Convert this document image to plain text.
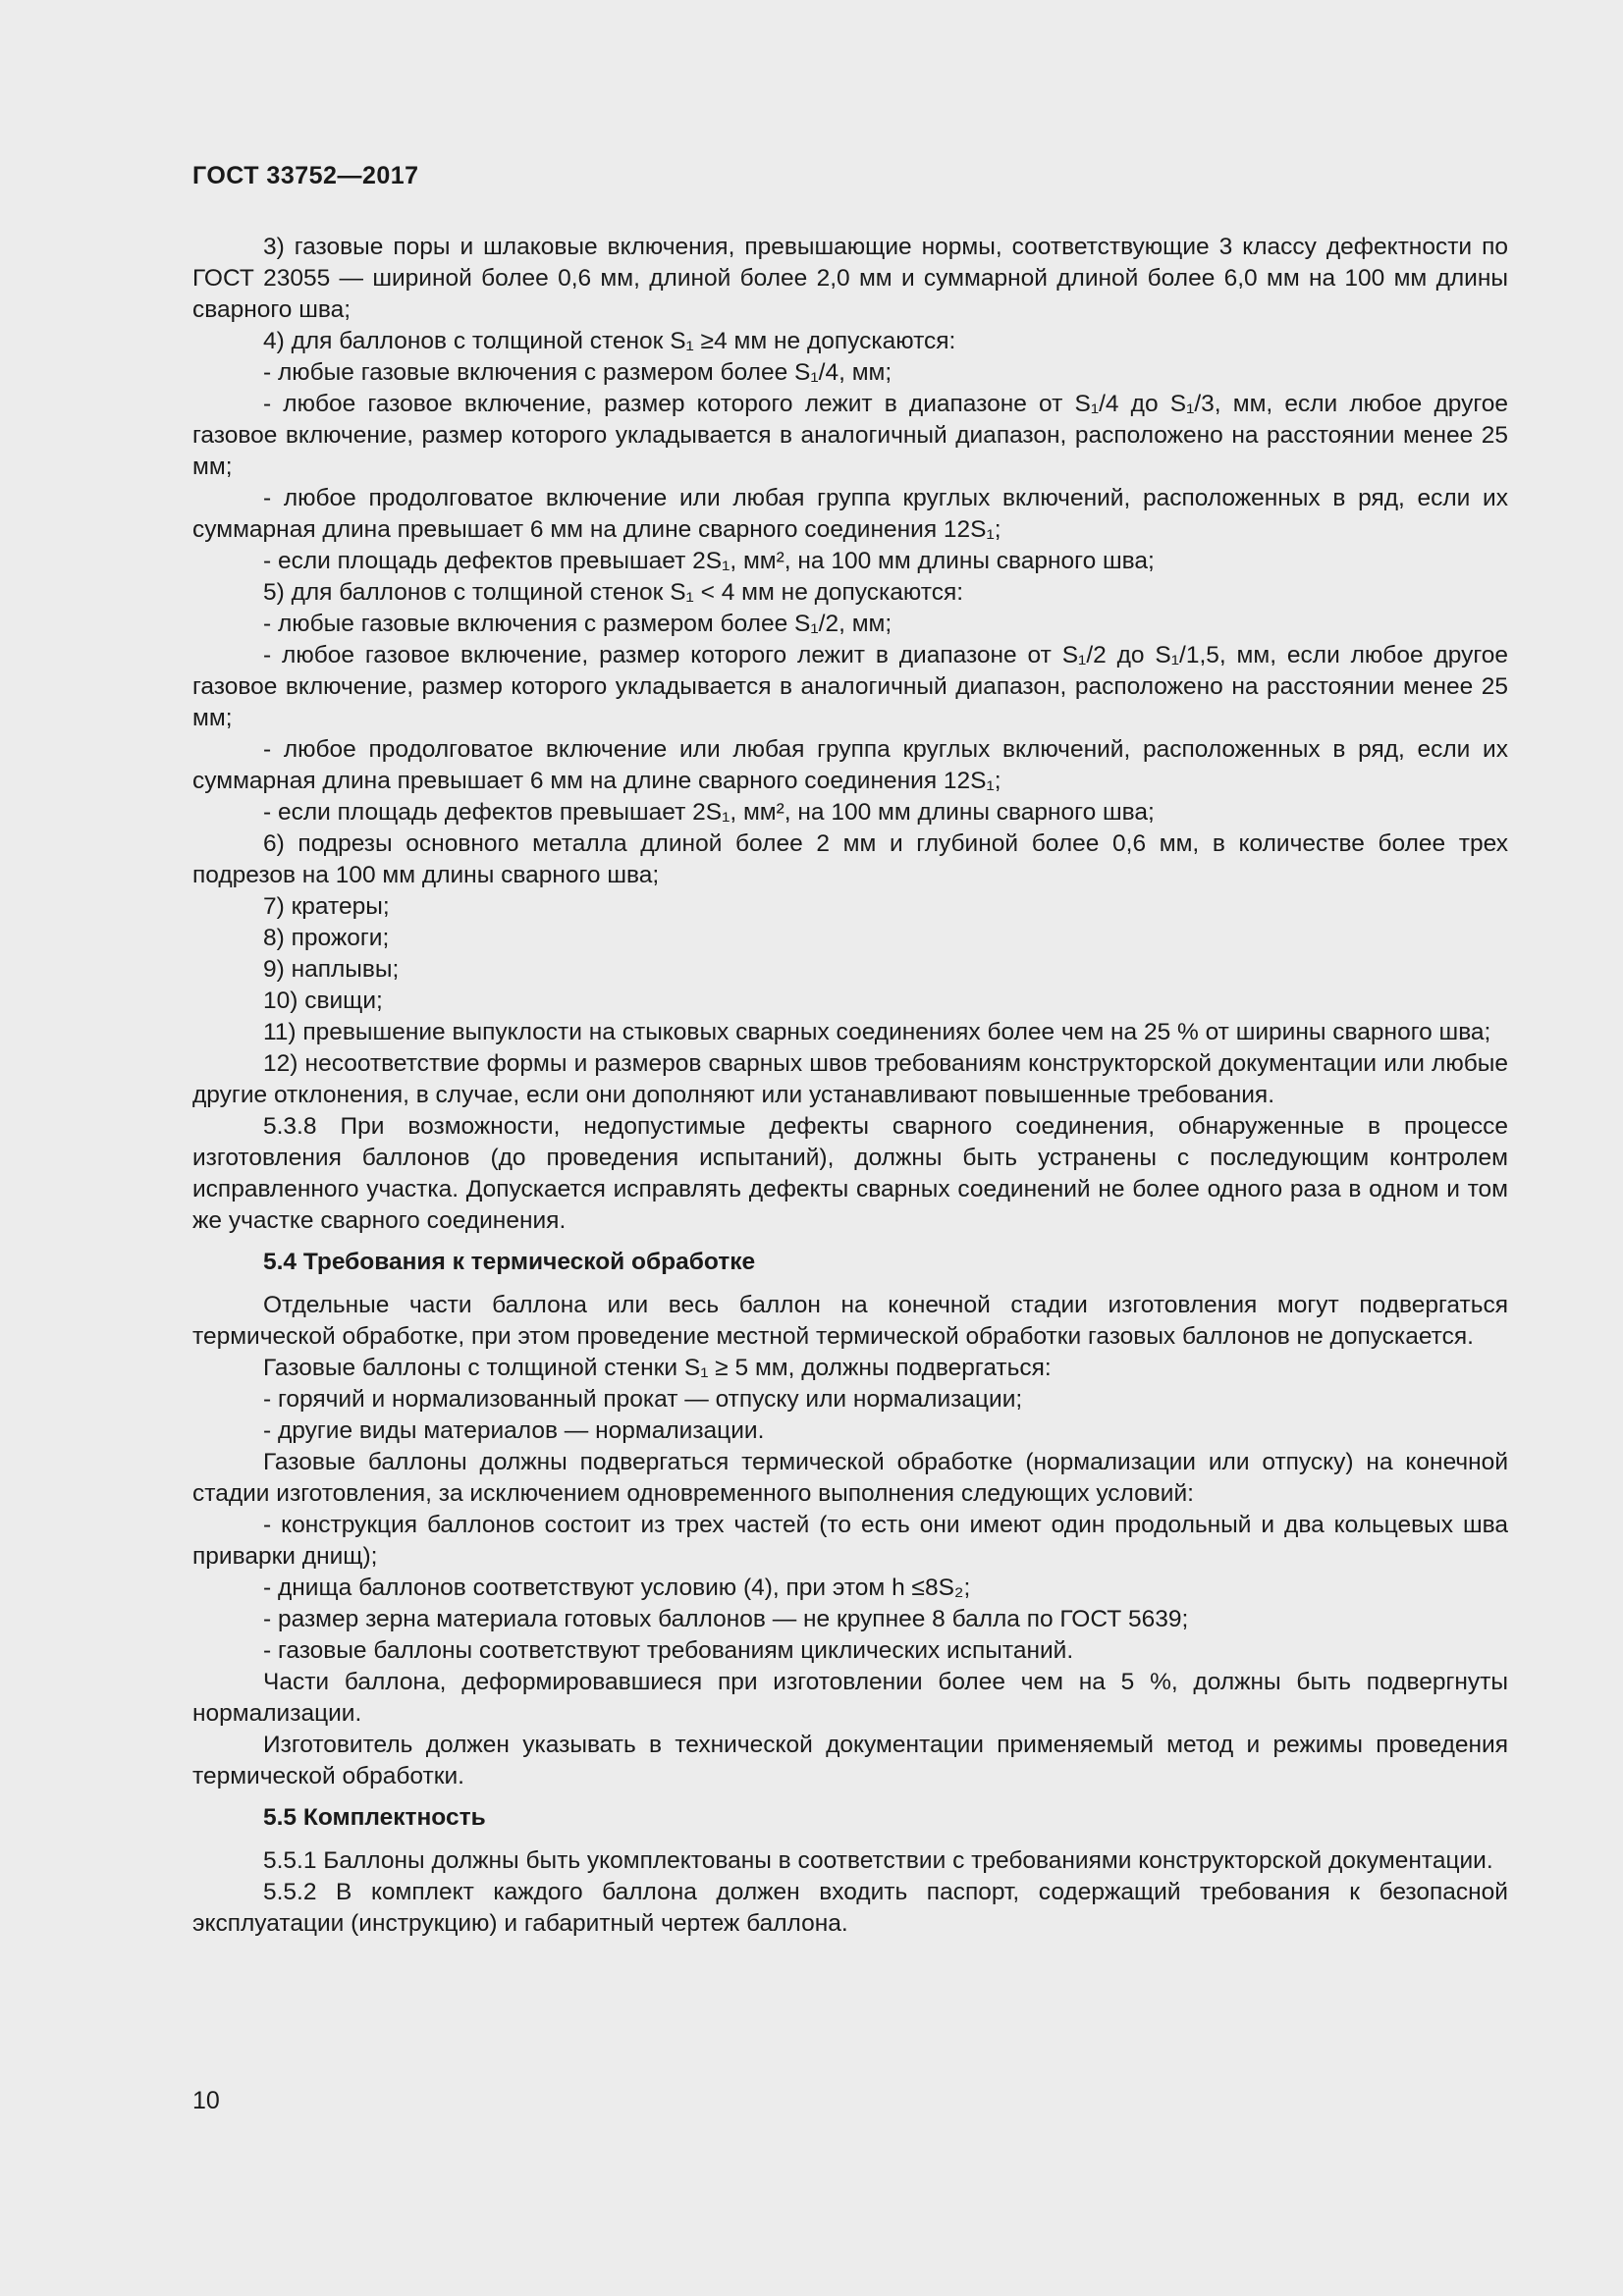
ГОСТ 33752—2017

3) газовые поры и шлаковые включения, превышающие нормы, соответствующие 3 классу дефектности по ГОСТ 23055 — шириной более 0,6 мм, длиной более 2,0 мм и суммарной длиной более 6,0 мм на 100 мм длины сварного шва;

4) для баллонов с толщиной стенок S₁ ≥4 мм не допускаются:

- любые газовые включения с размером более S₁/4, мм;

- любое газовое включение, размер которого лежит в диапазоне от S₁/4 до S₁/3, мм, если любое другое газовое включение, размер которого укладывается в аналогичный диапазон, расположено на расстоянии менее 25 мм;

- любое продолговатое включение или любая группа круглых включений, расположенных в ряд, если их суммарная длина превышает 6 мм на длине сварного соединения 12S₁;

- если площадь дефектов превышает 2S₁, мм², на 100 мм длины сварного шва;

5) для баллонов с толщиной стенок S₁ < 4 мм не допускаются:

- любые газовые включения с размером более S₁/2, мм;

- любое газовое включение, размер которого лежит в диапазоне от S₁/2 до S₁/1,5, мм, если любое другое газовое включение, размер которого укладывается в аналогичный диапазон, расположено на расстоянии менее 25 мм;

- любое продолговатое включение или любая группа круглых включений, расположенных в ряд, если их суммарная длина превышает 6 мм на длине сварного соединения 12S₁;

- если площадь дефектов превышает 2S₁, мм², на 100 мм длины сварного шва;

6) подрезы основного металла длиной более 2 мм и глубиной более 0,6 мм, в количестве более трех подрезов на 100 мм длины сварного шва;

7) кратеры;

8) прожоги;

9) наплывы;

10) свищи;

11) превышение выпуклости на стыковых сварных соединениях более чем на 25 % от ширины сварного шва;

12) несоответствие формы и размеров сварных швов требованиям конструкторской документации или любые другие отклонения, в случае, если они дополняют или устанавливают повышенные требования.

5.3.8 При возможности, недопустимые дефекты сварного соединения, обнаруженные в процессе изготовления баллонов (до проведения испытаний), должны быть устранены с последующим контролем исправленного участка. Допускается исправлять дефекты сварных соединений не более одного раза в одном и том же участке сварного соединения.

5.4 Требования к термической обработке

Отдельные части баллона или весь баллон на конечной стадии изготовления могут подвергаться термической обработке, при этом проведение местной термической обработки газовых баллонов не допускается.

Газовые баллоны с толщиной стенки S₁ ≥ 5 мм, должны подвергаться:

- горячий и нормализованный прокат — отпуску или нормализации;

- другие виды материалов — нормализации.

Газовые баллоны должны подвергаться термической обработке (нормализации или отпуску) на конечной стадии изготовления, за исключением одновременного выполнения следующих условий:

- конструкция баллонов состоит из трех частей (то есть они имеют один продольный и два кольцевых шва приварки днищ);

- днища баллонов соответствуют условию (4), при этом h ≤8S₂;

- размер зерна материала готовых баллонов — не крупнее 8 балла по ГОСТ 5639;

- газовые баллоны соответствуют требованиям циклических испытаний.

Части баллона, деформировавшиеся при изготовлении более чем на 5 %, должны быть подвергнуты нормализации.

Изготовитель должен указывать в технической документации применяемый метод и режимы проведения термической обработки.

5.5 Комплектность

5.5.1 Баллоны должны быть укомплектованы в соответствии с требованиями конструкторской документации.

5.5.2 В комплект каждого баллона должен входить паспорт, содержащий требования к безопасной эксплуатации (инструкцию) и габаритный чертеж баллона.

10
